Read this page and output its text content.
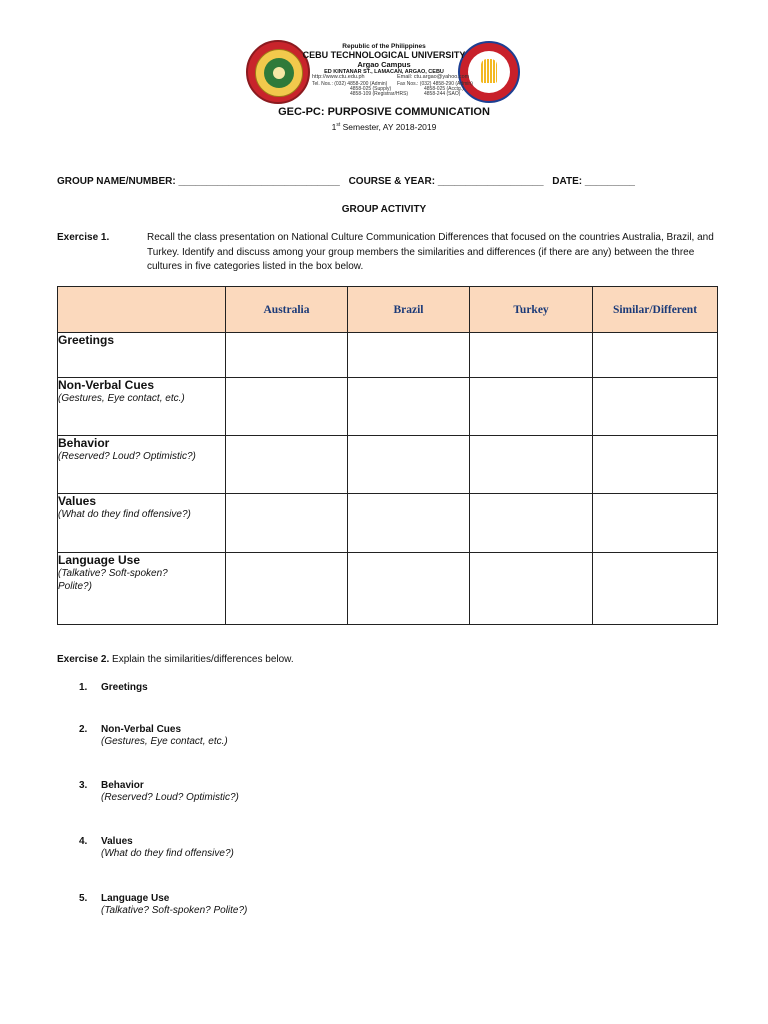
Republic of the Philippines
CEBU TECHNOLOGICAL UNIVERSITY
Argao Campus
ED KINTANAR ST., LAMACAN, ARGAO, CEBU
http://www.ctu.edu.ph	Email: ctu.argao@yahoo.com
Tel. Nos.: (032) 4858-200 (Admin)
4858-025 (Supply)
4858-109 (Registrar/HRS)
Fax Nos.: (032) 4858-290 (Admin)
4858-025 (Acctg.)
4858-244 (SAO)
GEC-PC: PURPOSIVE COMMUNICATION
1st Semester, AY 2018-2019
GROUP NAME/NUMBER: _____________________________ COURSE & YEAR: ___________________ DATE: _________
GROUP ACTIVITY
Exercise 1.	Recall the class presentation on National Culture Communication Differences that focused on the countries Australia, Brazil, and Turkey. Identify and discuss among your group members the similarities and differences (if there are any) between the three cultures in five categories listed in the box below.
	Australia	Brazil	Turkey	Similar/Different

Greetings				

Non-Verbal Cues
(Gestures, Eye contact, etc.)				

Behavior
(Reserved? Loud? Optimistic?)				

Values
(What do they find offensive?)				

Language Use
(Talkative? Soft-spoken? Polite?)				

Exercise 2. Explain the similarities/differences below.
1. Greetings
2. Non-Verbal Cues
(Gestures, Eye contact, etc.)
3. Behavior
(Reserved? Loud? Optimistic?)
4. Values
(What do they find offensive?)
5. Language Use
(Talkative? Soft-spoken? Polite?)
